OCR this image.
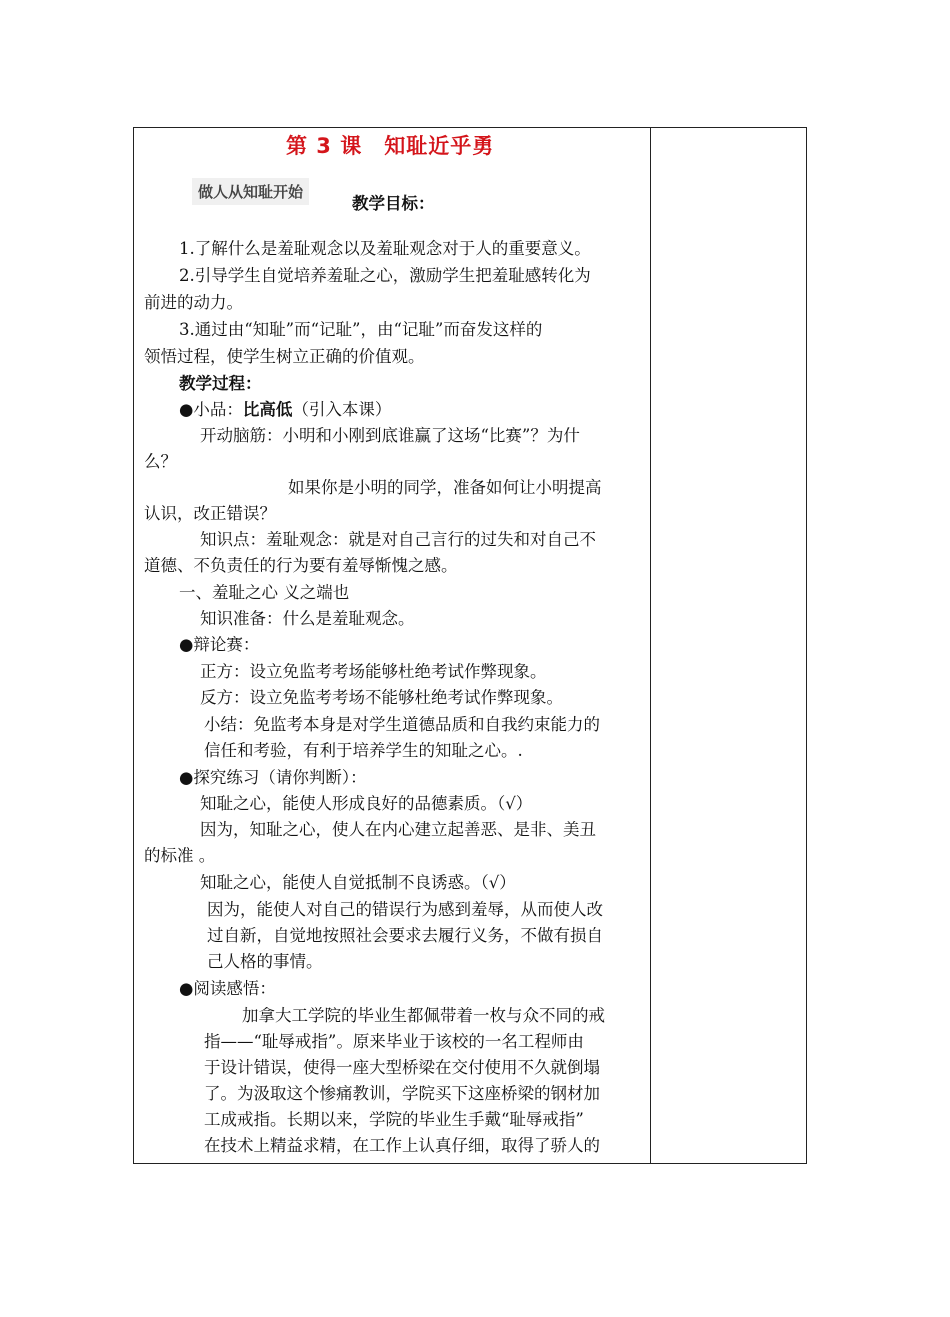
第 3 课　知耻近乎勇
做人从知耻开始
教学目标：
1.了解什么是羞耻观念以及羞耻观念对于人的重要意义。
2.引导学生自觉培养羞耻之心，激励学生把羞耻感转化为
前进的动力。
3.通过由“知耻”而“记耻”，由“记耻”而奋发这样的
领悟过程，使学生树立正确的价值观。
教学过程：
●小品：比高低（引入本课）
开动脑筋：小明和小刚到底谁赢了这场“比赛”？为什
么？
如果你是小明的同学，准备如何让小明提高
认识，改正错误？
知识点：羞耻观念：就是对自己言行的过失和对自己不
道德、不负责任的行为要有羞辱惭愧之感。
一、羞耻之心 义之端也
知识准备：什么是羞耻观念。
●辩论赛：
正方：设立免监考考场能够杜绝考试作弊现象。
反方：设立免监考考场不能够杜绝考试作弊现象。
小结：免监考本身是对学生道德品质和自我约束能力的
信任和考验，有利于培养学生的知耻之心。.
●探究练习（请你判断）：
知耻之心，能使人形成良好的品德素质。（√）
因为，知耻之心，使人在内心建立起善恶、是非、美丑
的标准 。
知耻之心，能使人自觉抵制不良诱惑。（√）
因为，能使人对自己的错误行为感到羞辱，从而使人改
过自新，自觉地按照社会要求去履行义务，不做有损自
己人格的事情。
●阅读感悟：
加拿大工学院的毕业生都佩带着一枚与众不同的戒
指——“耻辱戒指”。原来毕业于该校的一名工程师由
于设计错误，使得一座大型桥梁在交付使用不久就倒塌
了。为汲取这个惨痛教训，学院买下这座桥梁的钢材加
工成戒指。长期以来，学院的毕业生手戴“耻辱戒指”
在技术上精益求精，在工作上认真仔细，取得了骄人的
